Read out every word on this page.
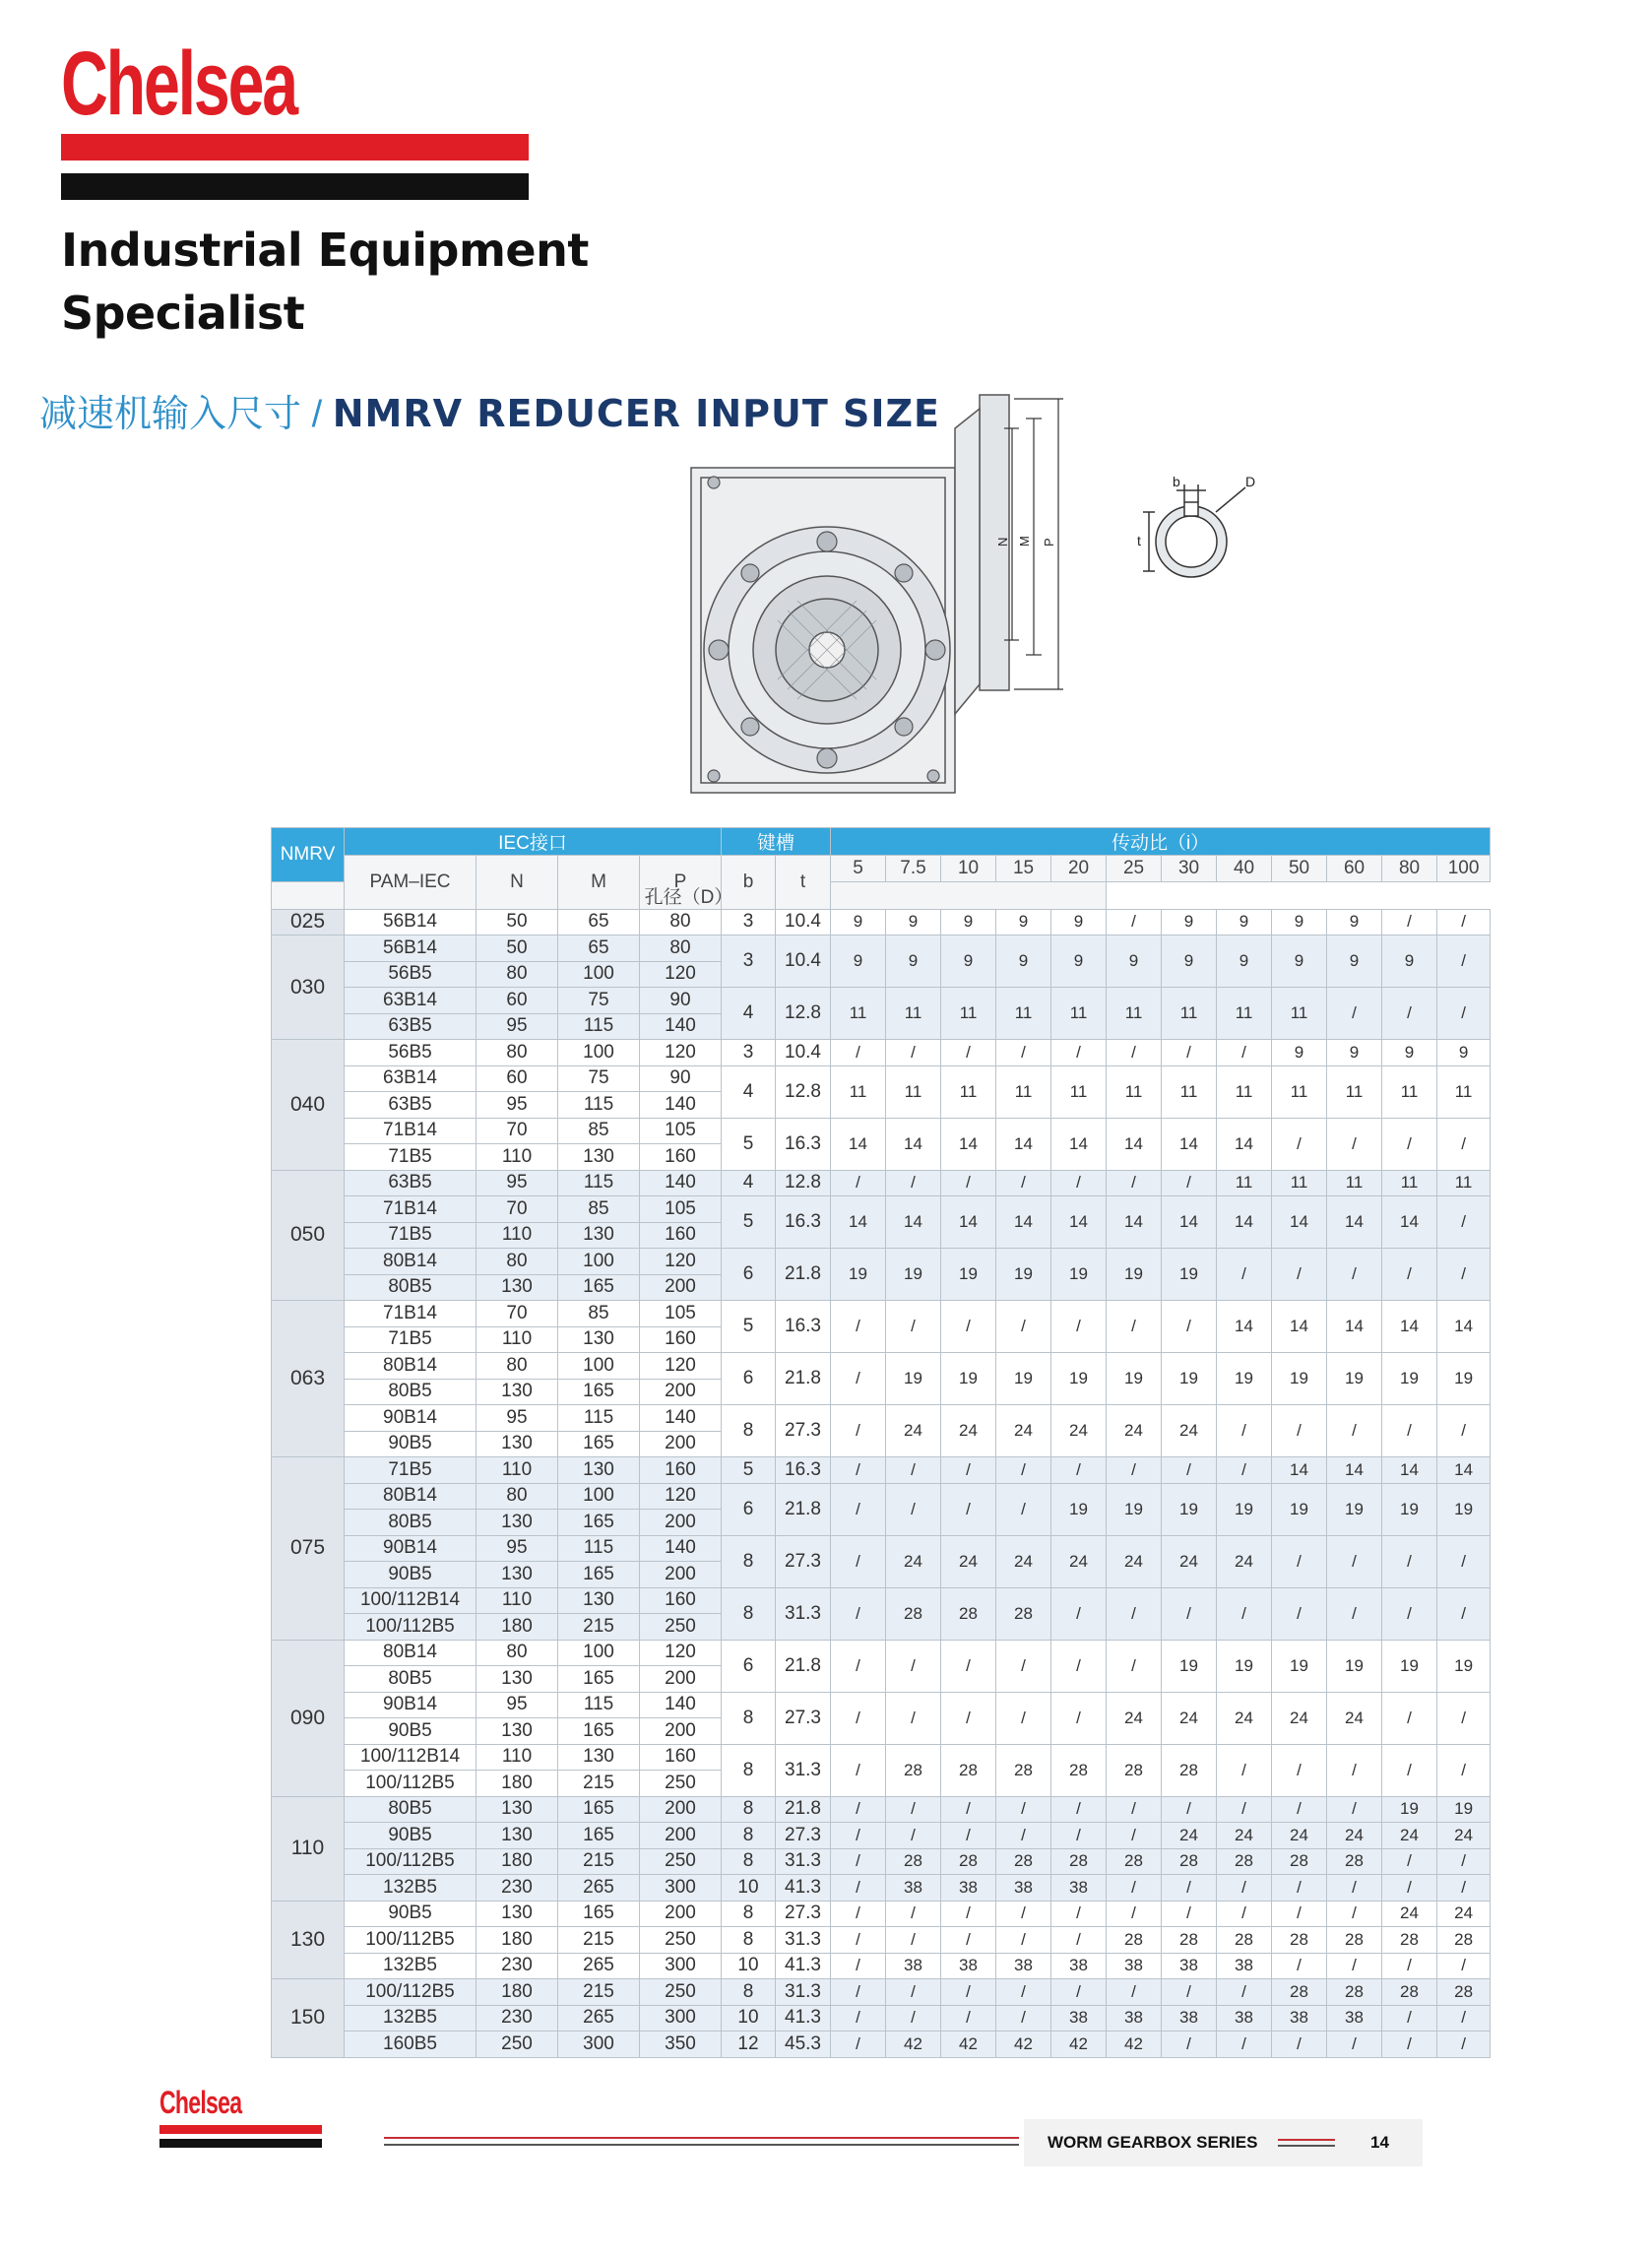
Chelsea
Industrial Equipment
Specialist
减速机输入尺寸 / NMRV REDUCER INPUT SIZE
N M P
b	D
t
NMRV	IEC接口				键槽		传动比（i）											
	PAM–IEC	N	M		b	t	5	7.5	10	15	20	25	30	40	50	60	80	100
孔径（D）																		
025	56B14	50	65	80	3	10.4	9	9	9	9	9	/	9	9	9	9	/	/
030	56B14	50	65	80	3	10.4	9	9	9	9	9	9	9	9	9	9	9	/
	56B5	80	100	120														
	63B14	60	75	90	4	12.8	11	11	11	11	11	11	11	11	11	/	/	/
	63B5	95	115	140														
040	56B5	80	100	120	3	10.4	/	/	/	/	/	/	/	/	9	9	9	9
	63B14	60	75	90	4	12.8	11	11	11	11	11	11	11	11	11	11	11	11
	63B5	95	115	140														
	71B14	70	85	105	5	16.3	14	14	14	14	14	14	14	14	/	/	/	/
	71B5	110	130	160														
050	63B5	95	115	140	4	12.8	/	/	/	/	/	/	/	11	11	11	11	11
	71B14	70	85	105	5	16.3	14	14	14	14	14	14	14	14	14	14	14	/
	71B5	110	130	160														
	80B14	80	100	120	6	21.8	19	19	19	19	19	19	19	/	/	/	/	/
	80B5	130	165	200														
063	71B14	70	85	105	5	16.3	/	/	/	/	/	/	/	14	14	14	14	14
	71B5	110	130	160														
	80B14	80	100	120	6	21.8	/	19	19	19	19	19	19	19	19	19	19	19
	80B5	130	165	200														
	90B14	95	115	140	8	27.3	/	24	24	24	24	24	24	/	/	/	/	/
	90B5	130	165	200														
075	71B5	110	130	160	5	16.3	/	/	/	/	/	/	/	/	14	14	14	14
	80B14	80	100	120	6	21.8	/	/	/	/	19	19	19	19	19	19	19	19
	80B5	130	165	200														
	90B14	95	115	140	8	27.3	/	24	24	24	24	24	24	24	/	/	/	/
	90B5	130	165	200														
	100/112B14	110	130	160	8	31.3	/	28	28	28	/	/	/	/	/	/	/	/
	100/112B5	180	215	250														
090	80B14	80	100	120	6	21.8	/	/	/	/	/	/	19	19	19	19	19	19
	80B5	130	165	200														
	90B14	95	115	140	8	27.3	/	/	/	/	/	24	24	24	24	24	/	/
	90B5	130	165	200														
	100/112B14	110	130	160	8	31.3	/	28	28	28	28	28	28	/	/	/	/	/
	100/112B5	180	215	250														
110	80B5	130	165	200	8	21.8	/	/	/	/	/	/	/	/	/	/	19	19
	90B5	130	165	200	8	27.3	/	/	/	/	/	/	24	24	24	24	24	24
	100/112B5	180	215	250	8	31.3	/	28	28	28	28	28	28	28	28	28	/	/
	132B5	230	265	300	10	41.3	/	38	38	38	38	/	/	/	/	/	/	/
130	90B5	130	165	200	8	27.3	/	/	/	/	/	/	/	/	/	/	24	24
	100/112B5	180	215	250	8	31.3	/	/	/	/	/	28	28	28	28	28	28	28
	132B5	230	265	300	10	41.3	/	38	38	38	38	38	38	38	/	/	/	/
150	100/112B5	180	215	250	8	31.3	/	/	/	/	/	/	/	/	28	28	28	28
	132B5	230	265	300	10	41.3	/	/	/	/	38	38	38	38	38	38	/	/
	160B5	250	300	350	12	45.3	/	42	42	42	42	42	/	/	/	/	/	/
Chelsea
WORM GEARBOX SERIES	14
